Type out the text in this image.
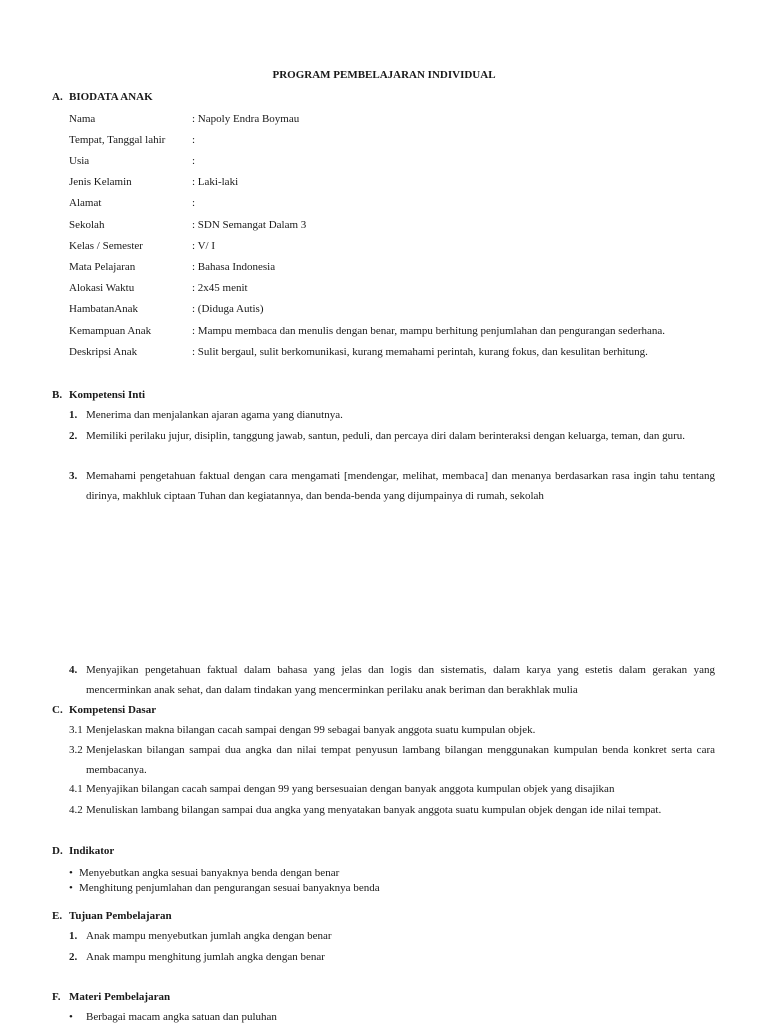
PROGRAM PEMBELAJARAN INDIVIDUAL
A. BIODATA ANAK
Nama	: Napoly Endra Boymau
Tempat, Tanggal lahir :
Usia	:
Jenis Kelamin	: Laki-laki
Alamat	:
Sekolah	: SDN Semangat Dalam 3
Kelas / Semester	: V/ I
Mata Pelajaran	: Bahasa Indonesia
Alokasi Waktu	: 2x45 menit
HambatanAnak	: (Diduga Autis)
Kemampuan Anak	: Mampu membaca dan menulis dengan benar, mampu berhitung penjumlahan dan pengurangan sederhana.
Deskripsi Anak	: Sulit bergaul, sulit berkomunikasi, kurang memahami perintah, kurang fokus, dan kesulitan berhitung.
B. Kompetensi Inti
1. Menerima dan menjalankan ajaran agama yang dianutnya.
2. Memiliki perilaku jujur, disiplin, tanggung jawab, santun, peduli, dan percaya diri dalam berinteraksi dengan keluarga, teman, dan guru.
3. Memahami pengetahuan faktual dengan cara mengamati [mendengar, melihat, membaca] dan menanya berdasarkan rasa ingin tahu tentang dirinya, makhluk ciptaan Tuhan dan kegiatannya, dan benda-benda yang dijumpainya di rumah, sekolah
4. Menyajikan pengetahuan faktual dalam bahasa yang jelas dan logis dan sistematis, dalam karya yang estetis dalam gerakan yang mencerminkan anak sehat, dan dalam tindakan yang mencerminkan perilaku anak beriman dan berakhlak mulia
C. Kompetensi Dasar
3.1 Menjelaskan makna bilangan cacah sampai dengan 99 sebagai banyak anggota suatu kumpulan objek.
3.2 Menjelaskan bilangan sampai dua angka dan nilai tempat penyusun lambang bilangan menggunakan kumpulan benda konkret serta cara membacanya.
4.1 Menyajikan bilangan cacah sampai dengan 99 yang bersesuaian dengan banyak anggota kumpulan objek yang disajikan
4.2 Menuliskan lambang bilangan sampai dua angka yang menyatakan banyak anggota suatu kumpulan objek dengan ide nilai tempat.
D. Indikator
• Menyebutkan angka sesuai banyaknya benda dengan benar
• Menghitung penjumlahan dan pengurangan sesuai banyaknya benda
E. Tujuan Pembelajaran
1. Anak mampu menyebutkan jumlah angka dengan benar
2. Anak mampu menghitung jumlah angka dengan benar
F. Materi Pembelajaran
• Berbagai macam angka satuan dan puluhan
